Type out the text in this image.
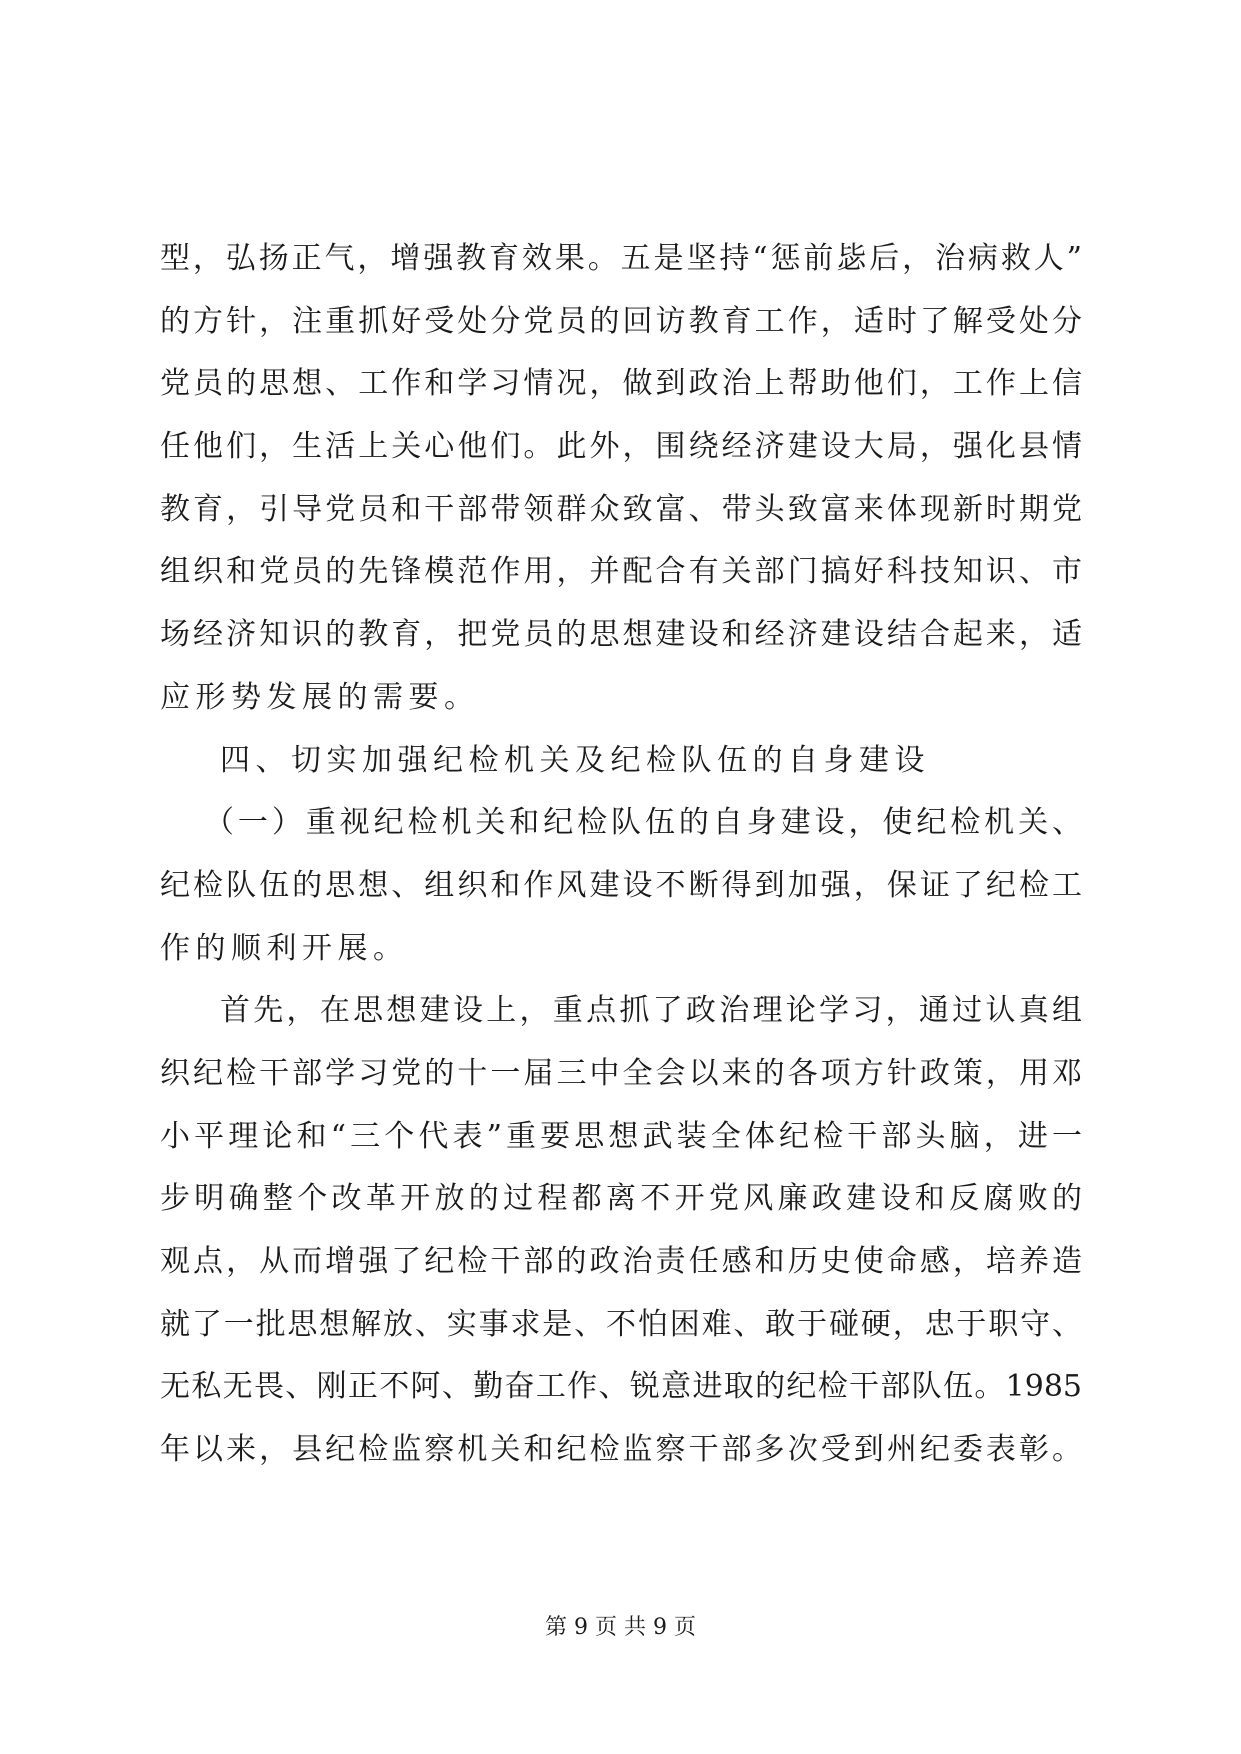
型，弘扬正气，增强教育效果。五是坚持“惩前毖后，治病救人”
的方针，注重抓好受处分党员的回访教育工作，适时了解受处分
党员的思想、工作和学习情况，做到政治上帮助他们，工作上信
任他们，生活上关心他们。此外，围绕经济建设大局，强化县情
教育，引导党员和干部带领群众致富、带头致富来体现新时期党
组织和党员的先锋模范作用，并配合有关部门搞好科技知识、市
场经济知识的教育，把党员的思想建设和经济建设结合起来，适
应形势发展的需要。
四、切实加强纪检机关及纪检队伍的自身建设
（一）重视纪检机关和纪检队伍的自身建设，使纪检机关、
纪检队伍的思想、组织和作风建设不断得到加强，保证了纪检工
作的顺利开展。
首先，在思想建设上，重点抓了政治理论学习，通过认真组
织纪检干部学习党的十一届三中全会以来的各项方针政策，用邓
小平理论和“三个代表”重要思想武装全体纪检干部头脑，进一
步明确整个改革开放的过程都离不开党风廉政建设和反腐败的
观点，从而增强了纪检干部的政治责任感和历史使命感，培养造
就了一批思想解放、实事求是、不怕困难、敢于碰硬，忠于职守、
无私无畏、刚正不阿、勤奋工作、锐意进取的纪检干部队伍。1985
年以来，县纪检监察机关和纪检监察干部多次受到州纪委表彰。
第 9 页 共 9 页
